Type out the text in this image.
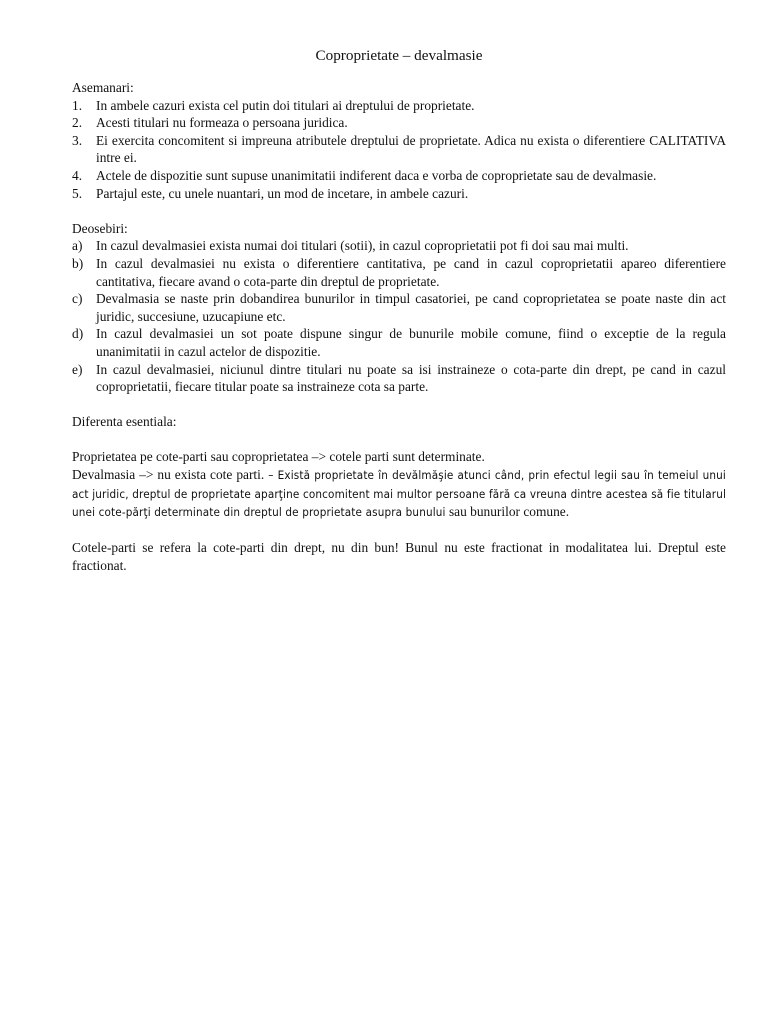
Coproprietate – devalmasie

Asemanari:

1. In ambele cazuri exista cel putin doi titulari ai dreptului de proprietate.
2. Acesti titulari nu formeaza o persoana juridica.
3. Ei exercita concomitent si impreuna atributele dreptului de proprietate. Adica nu exista o diferentiere CALITATIVA intre ei.
4. Actele de dispozitie sunt supuse unanimitatii indiferent daca e vorba de coproprietate sau de devalmasie.
5. Partajul este, cu unele nuantari, un mod de incetare, in ambele cazuri.

Deosebiri:

a) In cazul devalmasiei exista numai doi titulari (sotii), in cazul coproprietatii pot fi doi sau mai multi.
b) In cazul devalmasiei nu exista o diferentiere cantitativa, pe cand in cazul coproprietatii apareo diferentiere cantitativa, fiecare avand o cota-parte din dreptul de proprietate.
c) Devalmasia se naste prin dobandirea bunurilor in timpul casatoriei, pe cand coproprietatea se poate naste din act juridic, succesiune, uzucapiune etc.
d) In cazul devalmasiei un sot poate dispune singur de bunurile mobile comune, fiind o exceptie de la regula unanimitatii in cazul actelor de dispozitie.
e) In cazul devalmasiei, niciunul dintre titulari nu poate sa isi instraineze o cota-parte din drept, pe cand in cazul coproprietatii, fiecare titular poate sa instraineze cota sa parte.

Diferenta esentiala:

Proprietatea pe cote-parti sau coproprietatea –> cotele parti sunt determinate.

Devalmasia –> nu exista cote parti. – Există proprietate în devălmăşie atunci când, prin efectul legii sau în temeiul unui act juridic, dreptul de proprietate aparţine concomitent mai multor persoane fără ca vreuna dintre acestea să fie titularul unei cote-părţi determinate din dreptul de proprietate asupra bunului sau bunurilor comune.

Cotele-parti se refera la cote-parti din drept, nu din bun! Bunul nu este fractionat in modalitatea lui. Dreptul este fractionat.
